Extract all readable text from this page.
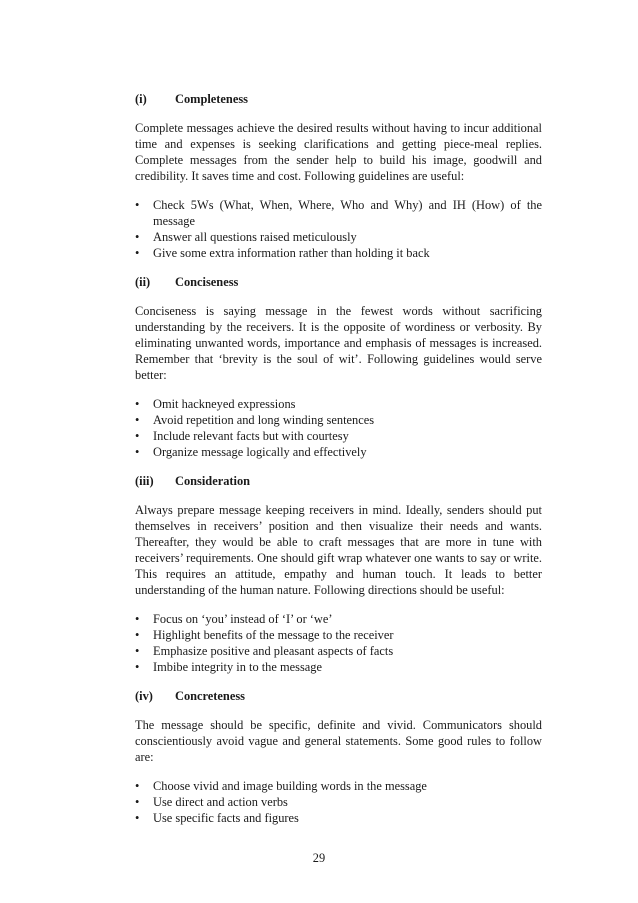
(i)	Completeness

Complete messages achieve the desired results without having to incur additional time and expenses is seeking clarifications and getting piece-meal replies. Complete messages from the sender help to build his image, goodwill and credibility. It saves time and cost. Following guidelines are useful:

• Check 5Ws (What, When, Where, Who and Why) and IH (How) of the message
• Answer all questions raised meticulously
• Give some extra information rather than holding it back
(ii)	Conciseness

Conciseness is saying message in the fewest words without sacrificing understanding by the receivers. It is the opposite of wordiness or verbosity. By eliminating unwanted words, importance and emphasis of messages is increased. Remember that ‘brevity is the soul of wit’. Following guidelines would serve better:

• Omit hackneyed expressions
• Avoid repetition and long winding sentences
• Include relevant facts but with courtesy
• Organize message logically and effectively
(iii)	Consideration

Always prepare message keeping receivers in mind. Ideally, senders should put themselves in receivers’ position and then visualize their needs and wants. Thereafter, they would be able to craft messages that are more in tune with receivers’ requirements. One should gift wrap whatever one wants to say or write. This requires an attitude, empathy and human touch. It leads to better understanding of the human nature. Following directions should be useful:

• Focus on ‘you’ instead of ‘I’ or ‘we’
• Highlight benefits of the message to the receiver
• Emphasize positive and pleasant aspects of facts
• Imbibe integrity in to the message
(iv)	Concreteness

The message should be specific, definite and vivid. Communicators should conscientiously avoid vague and general statements. Some good rules to follow are:

• Choose vivid and image building words in the message
• Use direct and action verbs
• Use specific facts and figures
29
